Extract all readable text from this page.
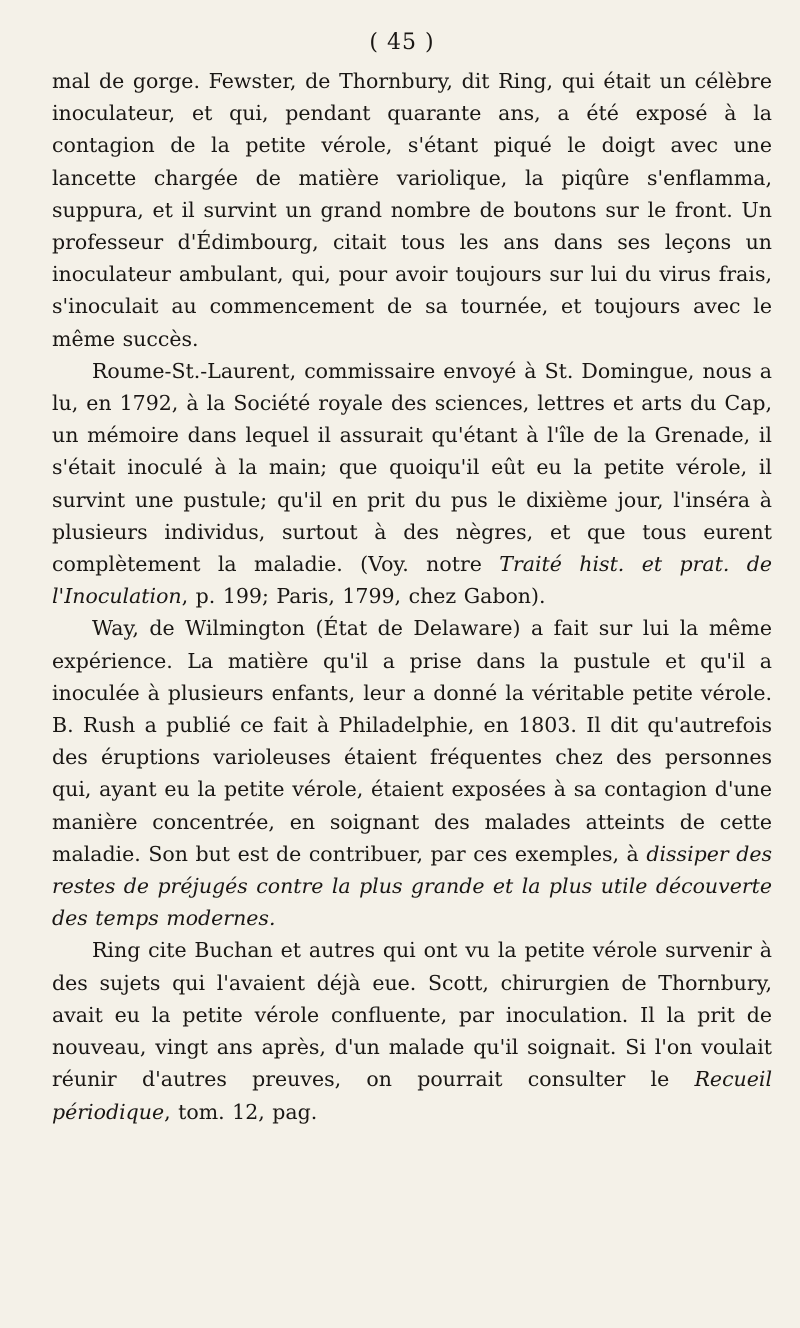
( 45 )

mal de gorge. Fewster, de Thornbury, dit Ring, qui était un célèbre inoculateur, et qui, pendant quarante ans, a été exposé à la contagion de la petite vérole, s'étant piqué le doigt avec une lancette chargée de matière variolique, la piqûre s'enflamma, suppura, et il survint un grand nombre de boutons sur le front. Un professeur d'Édimbourg, citait tous les ans dans ses leçons un inoculateur ambulant, qui, pour avoir toujours sur lui du virus frais, s'inoculait au commencement de sa tournée, et toujours avec le même succès.

Roume-St.-Laurent, commissaire envoyé à St. Domingue, nous a lu, en 1792, à la Société royale des sciences, lettres et arts du Cap, un mémoire dans lequel il assurait qu'étant à l'île de la Grenade, il s'était inoculé à la main; que quoiqu'il eût eu la petite vérole, il survint une pustule; qu'il en prit du pus le dixième jour, l'inséra à plusieurs individus, surtout à des nègres, et que tous eurent complètement la maladie. (Voy. notre Traité hist. et prat. de l'Inoculation, p. 199; Paris, 1799, chez Gabon).

Way, de Wilmington (État de Delaware) a fait sur lui la même expérience. La matière qu'il a prise dans la pustule et qu'il a inoculée à plusieurs enfants, leur a donné la véritable petite vérole. B. Rush a publié ce fait à Philadelphie, en 1803. Il dit qu'autrefois des éruptions varioleuses étaient fréquentes chez des personnes qui, ayant eu la petite vérole, étaient exposées à sa contagion d'une manière concentrée, en soignant des malades atteints de cette maladie. Son but est de contribuer, par ces exemples, à dissiper des restes de préjugés contre la plus grande et la plus utile découverte des temps modernes.

Ring cite Buchan et autres qui ont vu la petite vérole survenir à des sujets qui l'avaient déjà eue. Scott, chirurgien de Thornbury, avait eu la petite vérole confluente, par inoculation. Il la prit de nouveau, vingt ans après, d'un malade qu'il soignait. Si l'on voulait réunir d'autres preuves, on pourrait consulter le Recueil périodique, tom. 12, pag.
